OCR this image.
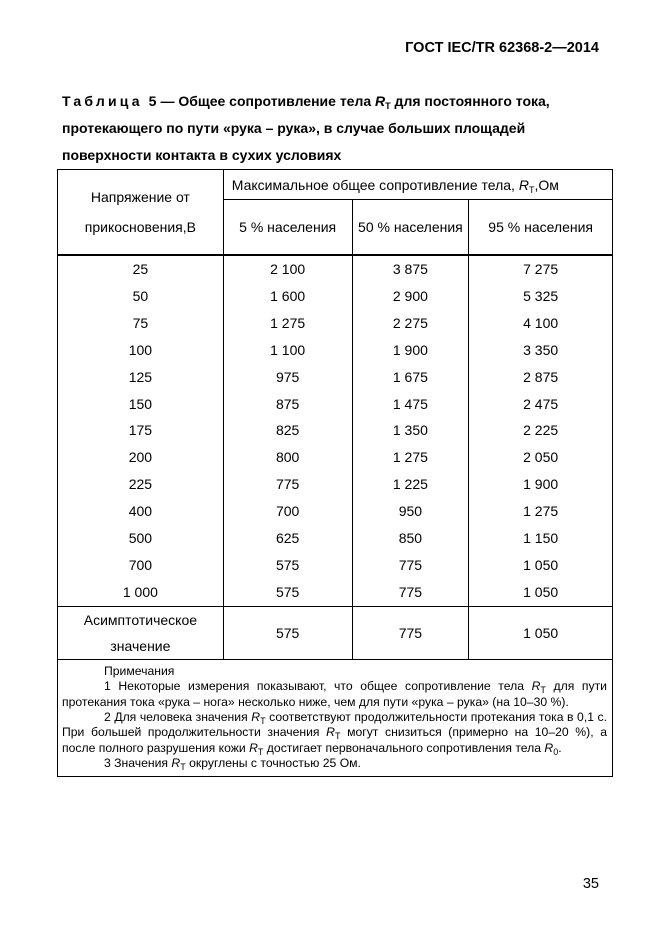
ГОСТ IEC/TR 62368-2—2014
Таблица 5 — Общее сопротивление тела $R_T$ для постоянного тока, протекающего по пути «рука – рука», в случае больших площадей поверхности контакта в сухих условиях
Напряжение от прикосновения,В	Максимальное общее сопротивление тела, $R_T,Ом$		
	5 % населения	50 % населения	95 % населения
25	2 100	3 875	7 275
50	1 600	2 900	5 325
75	1 275	2 275	4 100
100	1 100	1 900	3 350
125	975	1 675	2 875
150	875	1 475	2 475
175	825	1 350	2 225
200	800	1 275	2 050
225	775	1 225	1 900
400	700	950	1 275
500	625	850	1 150
700	575	775	1 050
1 000	575	775	1 050
Асимптотическое значение	575	775	1 050

Примечания

1 Некоторые измерения показывают, что общее сопротивление тела $R_T$ для пути протекания тока «рука – нога» несколько ниже, чем для пути «рука – рука» (на 10–30 %).

2 Для человека значения $R_T$ соответствуют продолжительности протекания тока в 0,1 с. При большей продолжительности значения $R_T$ могут снизиться (примерно на 10–20 %), а после полного разрушения кожи $R_T$ достигает первоначального сопротивления тела $R_0$.

3 Значения $R_T$ округлены с точностью 25 Ом.			

35
